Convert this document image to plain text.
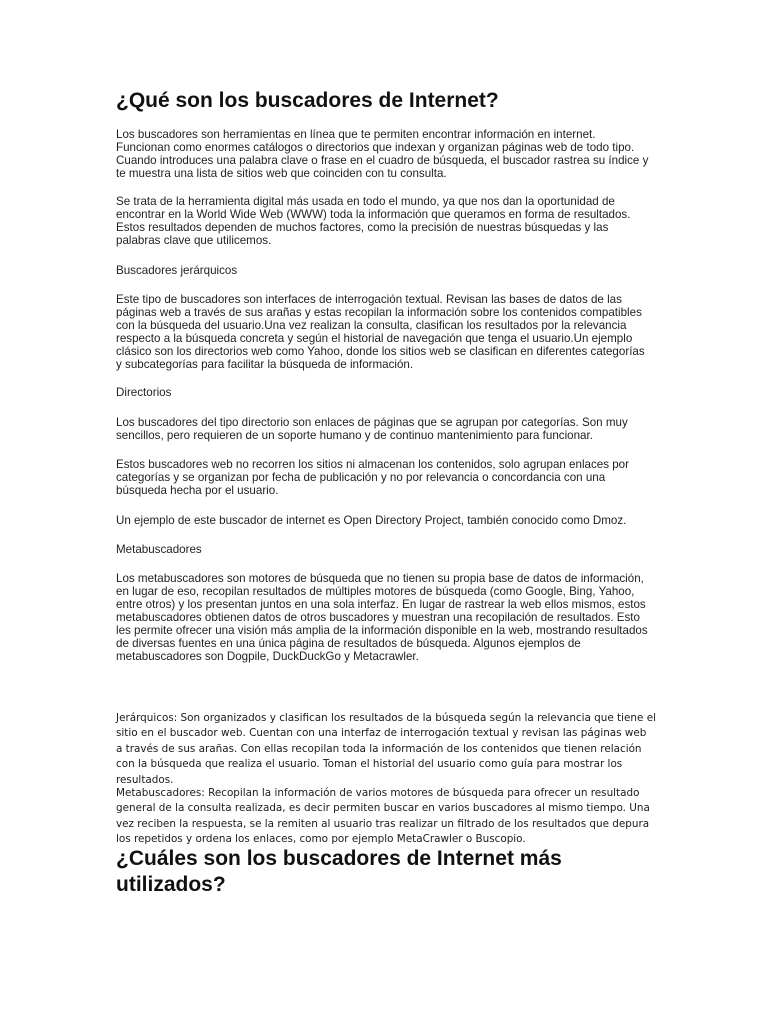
¿Qué son los buscadores de Internet?

Los buscadores son herramientas en línea que te permiten encontrar información en internet. Funcionan como enormes catálogos o directorios que indexan y organizan páginas web de todo tipo. Cuando introduces una palabra clave o frase en el cuadro de búsqueda, el buscador rastrea su índice y te muestra una lista de sitios web que coinciden con tu consulta.

Se trata de la herramienta digital más usada en todo el mundo, ya que nos dan la oportunidad de encontrar en la World Wide Web (WWW) toda la información que queramos en forma de resultados. Estos resultados dependen de muchos factores, como la precisión de nuestras búsquedas y las palabras clave que utilicemos.

Buscadores jerárquicos

Este tipo de buscadores son interfaces de interrogación textual. Revisan las bases de datos de las páginas web a través de sus arañas y estas recopilan la información sobre los contenidos compatibles con la búsqueda del usuario.Una vez realizan la consulta, clasifican los resultados por la relevancia respecto a la búsqueda concreta y según el historial de navegación que tenga el usuario.Un ejemplo clásico son los directorios web como Yahoo, donde los sitios web se clasifican en diferentes categorías y subcategorías para facilitar la búsqueda de información.

Directorios

Los buscadores del tipo directorio son enlaces de páginas que se agrupan por categorías. Son muy sencillos, pero requieren de un soporte humano y de continuo mantenimiento para funcionar.

Estos buscadores web no recorren los sitios ni almacenan los contenidos, solo agrupan enlaces por categorías y se organizan por fecha de publicación y no por relevancia o concordancia con una búsqueda hecha por el usuario.

Un ejemplo de este buscador de internet es Open Directory Project, también conocido como Dmoz.

Metabuscadores

Los metabuscadores son motores de búsqueda que no tienen su propia base de datos de información, en lugar de eso, recopilan resultados de múltiples motores de búsqueda (como Google, Bing, Yahoo, entre otros) y los presentan juntos en una sola interfaz. En lugar de rastrear la web ellos mismos, estos metabuscadores obtienen datos de otros buscadores y muestran una recopilación de resultados. Esto les permite ofrecer una visión más amplia de la información disponible en la web, mostrando resultados de diversas fuentes en una única página de resultados de búsqueda. Algunos ejemplos de metabuscadores son Dogpile, DuckDuckGo y Metacrawler.

Jerárquicos: Son organizados y clasifican los resultados de la búsqueda según la relevancia que tiene el sitio en el buscador web. Cuentan con una interfaz de interrogación textual y revisan las páginas web a través de sus arañas. Con ellas recopilan toda la información de los contenidos que tienen relación con la búsqueda que realiza el usuario. Toman el historial del usuario como guía para mostrar los resultados.

Metabuscadores: Recopilan la información de varios motores de búsqueda para ofrecer un resultado general de la consulta realizada, es decir permiten buscar en varios buscadores al mismo tiempo. Una vez reciben la respuesta, se la remiten al usuario tras realizar un filtrado de los resultados que depura los repetidos y ordena los enlaces, como por ejemplo MetaCrawler o Buscopio.

¿Cuáles son los buscadores de Internet más utilizados?
